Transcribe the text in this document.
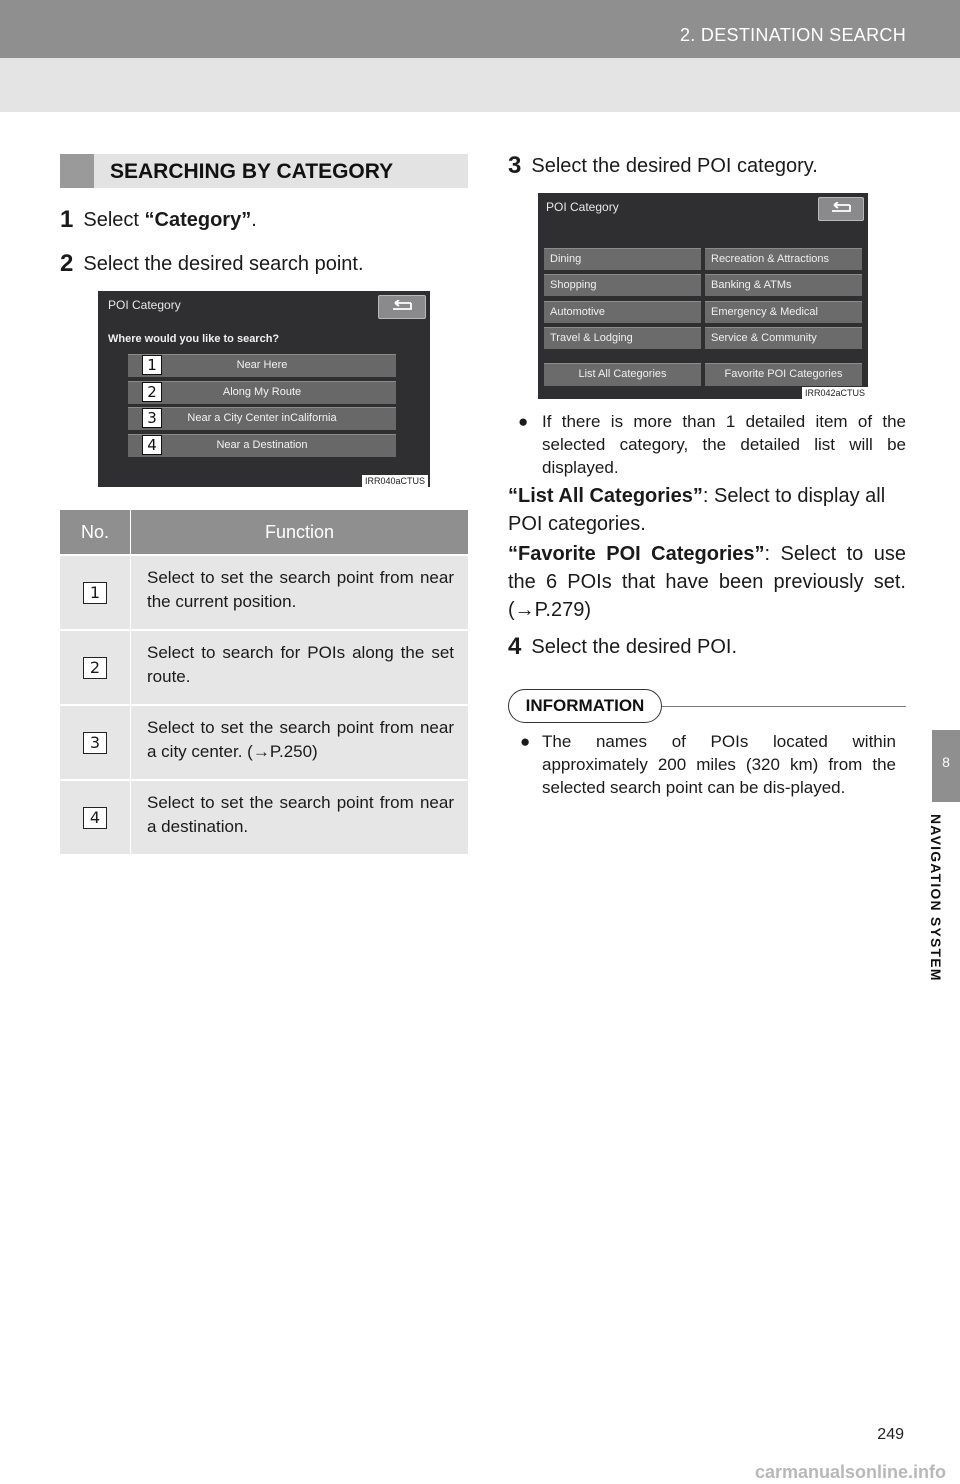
2. DESTINATION SEARCH
8
NAVIGATION SYSTEM
SEARCHING BY CATEGORY
1 Select “Category”.
2 Select the desired search point.
POI Category
Where would you like to search?
Near Here
Along My Route
Near a City Center inCalifornia
Near a Destination
1
2
3
4
IRR040aCTUS
No.	Function
1	Select to set the search point from near the current position.
2	Select to search for POIs along the set route.
3	Select to set the search point from near a city center. (→P.250)
4	Select to set the search point from near a destination.
3 Select the desired POI category.
POI Category
Dining
Shopping
Automotive
Travel & Lodging
Recreation & Attractions
Banking & ATMs
Emergency & Medical
Service & Community
List All Categories	Favorite POI Categories
IRR042aCTUS
● If there is more than 1 detailed item of the selected category, the detailed list will be displayed.
“List All Categories”: Select to display all POI categories.
“Favorite POI Categories”: Select to use the 6 POIs that have been previously set.(→P.279)
4 Select the desired POI.
INFORMATION
● The names of POIs located within approximately 200 miles (320 km) from the selected search point can be dis-played.
249
carmanualsonline.info
